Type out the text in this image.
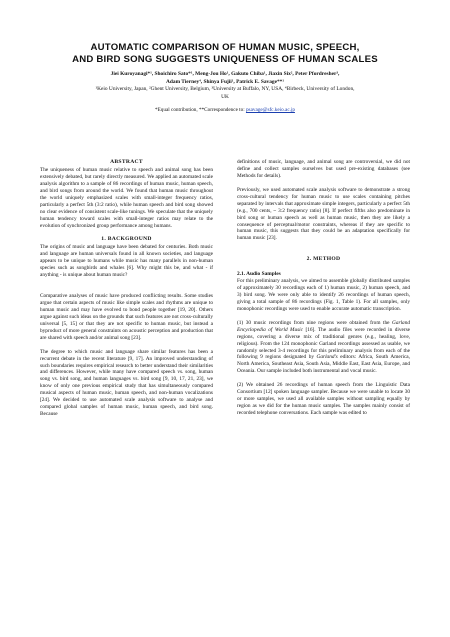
AUTOMATIC COMPARISON OF HUMAN MUSIC, SPEECH,
AND BIRD SONG SUGGESTS UNIQUENESS OF HUMAN SCALES
Jiei Kuroyanagi*¹, Shoichiro Sato*¹, Meng-Jou Ho¹, Gakuto Chiba¹, Jiaxin Six², Peter Pfordresher³,
Adam Tierney⁴, Shinya Fujii¹, Patrick E. Savage**¹
¹Keio University, Japan, ²Ghent University, Belgium, ³University at Buffalo, NY, USA, ⁴Birbeck, University of London,
UK
*Equal contribution, **Correspondence to: psavage@sfc.keio.ac.jp
ABSTRACT

The uniqueness of human music relative to speech and animal song has been extensively debated, but rarely directly measured. We applied an automated scale analysis algorithm to a sample of 86 recordings of human music, human speech, and bird songs from around the world. We found that human music throughout the world uniquely emphasized scales with small-integer frequency ratios, particularly a perfect 5th (3:2 ratio), while human speech and bird song showed no clear evidence of consistent scale-like tunings. We speculate that the uniquely human tendency toward scales with small-integer ratios may relate to the evolution of synchronized group performance among humans.

1. BACKGROUND

The origins of music and language have been debated for centuries. Both music and language are human universals found in all known societies, and language appears to be unique to humans while music has many parallels in non-human species such as songbirds and whales [6]. Why might this be, and what - if anything - is unique about human music?

Comparative analyses of music have produced conflicting results. Some studies argue that certain aspects of music like simple scales and rhythms are unique to human music and may have evolved to bond people together [19, 20]. Others argue against such ideas on the grounds that such features are not cross-culturally universal [5, 15] or that they are not specific to human music, but instead a byproduct of more general constraints on acoustic perception and production that are shared with speech and/or animal song [23].

The degree to which music and language share similar features has been a recurrent debate in the recent literature [9, 17]. An improved understanding of such boundaries requires empirical research to better understand their similarities and differences. However, while many have compared speech vs. song, human song vs. bird song, and human languages vs. bird song [9, 10, 17, 21, 23], we know of only one previous empirical study that has simultaneously compared musical aspects of human music, human speech, and non-human vocalizations [24]. We decided to use automated scale analysis software to analyse and compared global samples of human music, human speech, and bird song. Because

definitions of music, language, and animal song are controversial, we did not define and collect samples ourselves but used pre-existing databases (see Methods for details).

Previously, we used automated scale analysis software to demonstrate a strong cross-cultural tendency for human music to use scales containing pitches separated by intervals that approximate simple integers, particularly a perfect 5th (e.g., 700 cents, ~ 3:2 frequency ratio) [8]. If perfect fifths also predominate in bird song or human speech as well as human music, then they are likely a consequence of perceptual/motor constraints, whereas if they are specific to human music, this suggests that they could be an adaptation specifically for human music [23].

2. METHOD

2.1. Audio Samples

For this preliminary analysis, we aimed to assemble globally distributed samples of approximately 30 recordings each of 1) human music, 2) human speech, and 3) bird song. We were only able to identify 26 recordings of human speech, giving a total sample of 86 recordings (Fig. 1, Table 1). For all samples, only monophonic recordings were used to enable accurate automatic transcription.

(1) 30 music recordings from nine regions were obtained from the Garland Encyclopedia of World Music [16]. The audio files were recorded in diverse regions, covering a diverse mix of traditional genres (e.g., healing, love, religious). From the 124 monophonic Garland recordings assessed as usable, we randomly selected 3-4 recordings for this preliminary analysis from each of the following 9 regions designated by Garland's editors: Africa, South America, North America, Southeast Asia, South Asia, Middle East, East Asia, Europe, and Oceania. Our sample included both instrumental and vocal music.

(2) We obtained 26 recordings of human speech from the Linguistic Data Consortium [12] spoken language sampler. Because we were unable to locate 30 or more samples, we used all available samples without sampling equally by region as we did for the human music samples. The samples mainly consist of recorded telephone conversations. Each sample was edited to
